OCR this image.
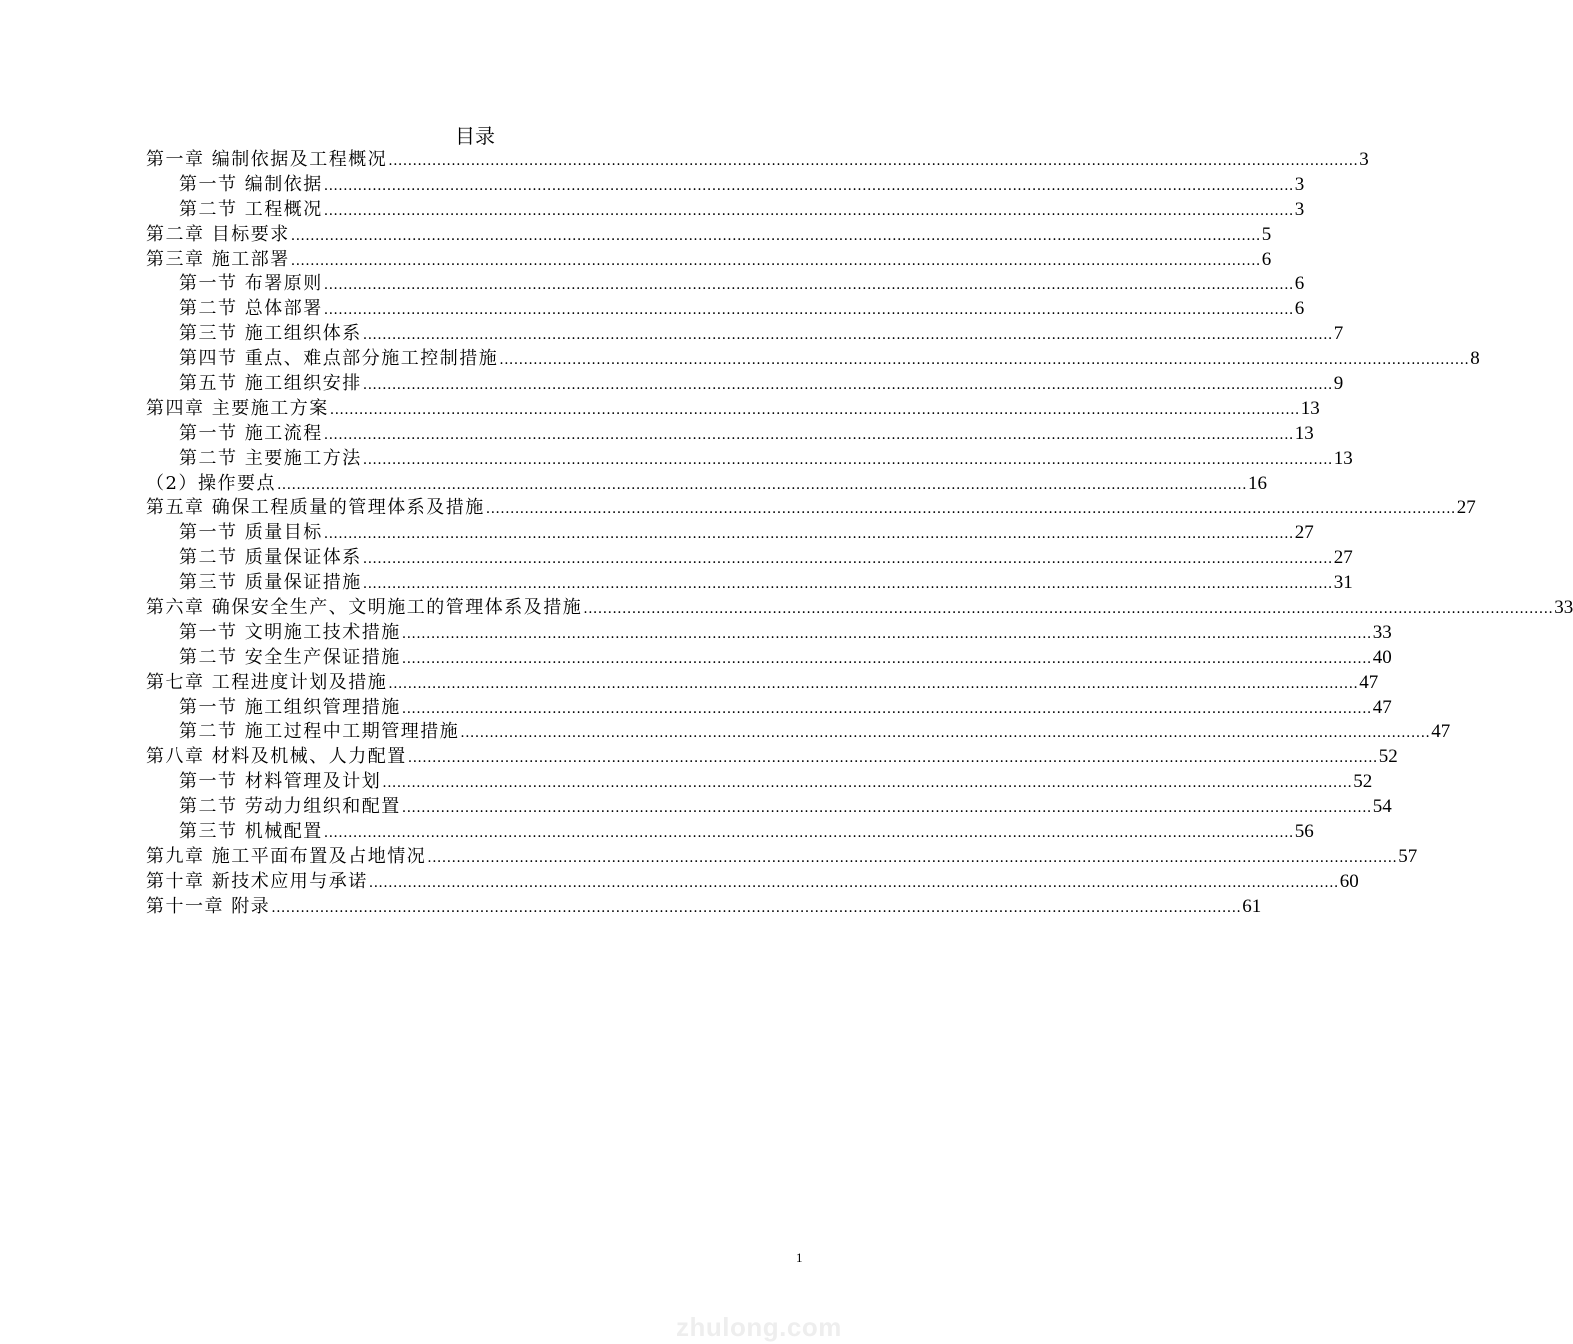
目录
第一章 编制依据及工程概况 ........................................................................................................................................................................................................ 3
第一节 编制依据 ........................................................................................................................................................................................................ 3
第二节 工程概况 ........................................................................................................................................................................................................ 3
第二章 目标要求 ........................................................................................................................................................................................................ 5
第三章 施工部署 ........................................................................................................................................................................................................ 6
第一节 布署原则 ........................................................................................................................................................................................................ 6
第二节 总体部署 ........................................................................................................................................................................................................ 6
第三节 施工组织体系 ........................................................................................................................................................................................................ 7
第四节 重点、难点部分施工控制措施 ........................................................................................................................................................................................................ 8
第五节 施工组织安排 ........................................................................................................................................................................................................ 9
第四章 主要施工方案 ........................................................................................................................................................................................................ 13
第一节 施工流程 ........................................................................................................................................................................................................ 13
第二节 主要施工方法 ........................................................................................................................................................................................................ 13
（2）操作要点 ........................................................................................................................................................................................................ 16
第五章 确保工程质量的管理体系及措施 ........................................................................................................................................................................................................ 27
第一节 质量目标 ........................................................................................................................................................................................................ 27
第二节 质量保证体系 ........................................................................................................................................................................................................ 27
第三节 质量保证措施 ........................................................................................................................................................................................................ 31
第六章 确保安全生产、文明施工的管理体系及措施 ........................................................................................................................................................................................................ 33
第一节 文明施工技术措施 ........................................................................................................................................................................................................ 33
第二节 安全生产保证措施 ........................................................................................................................................................................................................ 40
第七章 工程进度计划及措施 ........................................................................................................................................................................................................ 47
第一节 施工组织管理措施 ........................................................................................................................................................................................................ 47
第二节 施工过程中工期管理措施 ........................................................................................................................................................................................................ 47
第八章 材料及机械、人力配置 ........................................................................................................................................................................................................ 52
第一节 材料管理及计划 ........................................................................................................................................................................................................ 52
第二节 劳动力组织和配置 ........................................................................................................................................................................................................ 54
第三节 机械配置 ........................................................................................................................................................................................................ 56
第九章 施工平面布置及占地情况 ........................................................................................................................................................................................................ 57
第十章 新技术应用与承诺 ........................................................................................................................................................................................................ 60
第十一章 附录 ........................................................................................................................................................................................................ 61
1
zhulong.com
